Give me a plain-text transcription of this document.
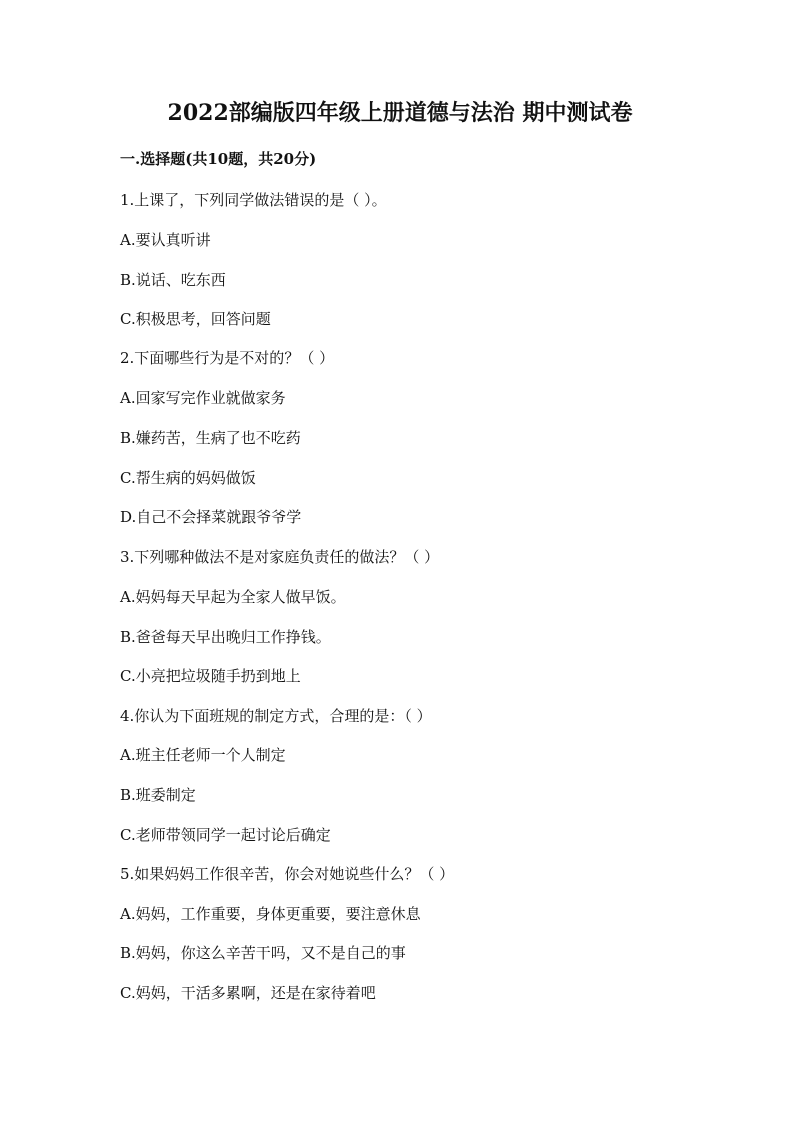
2022部编版四年级上册道德与法治 期中测试卷
一.选择题(共10题，共20分)
1.上课了，下列同学做法错误的是（ ）。
A.要认真听讲
B.说话、吃东西
C.积极思考，回答问题
2.下面哪些行为是不对的？（ ）
A.回家写完作业就做家务
B.嫌药苦，生病了也不吃药
C.帮生病的妈妈做饭
D.自己不会择菜就跟爷爷学
3.下列哪种做法不是对家庭负责任的做法？（ ）
A.妈妈每天早起为全家人做早饭。
B.爸爸每天早出晚归工作挣钱。
C.小亮把垃圾随手扔到地上
4.你认为下面班规的制定方式，合理的是：（ ）
A.班主任老师一个人制定
B.班委制定
C.老师带领同学一起讨论后确定
5.如果妈妈工作很辛苦，你会对她说些什么？（ ）
A.妈妈，工作重要，身体更重要，要注意休息
B.妈妈，你这么辛苦干吗，又不是自己的事
C.妈妈，干活多累啊，还是在家待着吧
